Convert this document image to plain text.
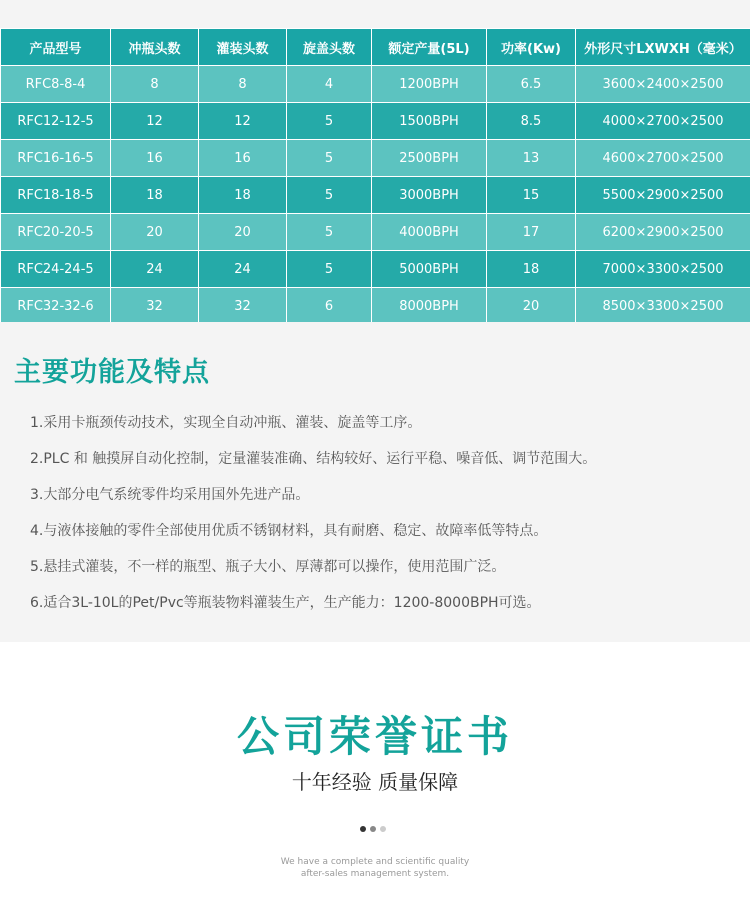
产品型号	冲瓶头数	灌装头数	旋盖头数	额定产量(5L)	功率(Kw)	外形尺寸LXWXH（毫米）
RFC8-8-4	8	8	4	1200BPH	6.5	3600×2400×2500
RFC12-12-5	12	12	5	1500BPH	8.5	4000×2700×2500
RFC16-16-5	16	16	5	2500BPH	13	4600×2700×2500
RFC18-18-5	18	18	5	3000BPH	15	5500×2900×2500
RFC20-20-5	20	20	5	4000BPH	17	6200×2900×2500
RFC24-24-5	24	24	5	5000BPH	18	7000×3300×2500
RFC32-32-6	32	32	6	8000BPH	20	8500×3300×2500
主要功能及特点
1.采用卡瓶颈传动技术，实现全自动冲瓶、灌装、旋盖等工序。
2.PLC 和 触摸屏自动化控制，定量灌装准确、结构较好、运行平稳、噪音低、调节范围大。
3.大部分电气系统零件均采用国外先进产品。
4.与液体接触的零件全部使用优质不锈钢材料，具有耐磨、稳定、故障率低等特点。
5.悬挂式灌装，不一样的瓶型、瓶子大小、厚薄都可以操作，使用范围广泛。
6.适合3L-10L的Pet/Pvc等瓶装物料灌装生产，生产能力：1200-8000BPH可选。
公司荣誉证书
十年经验 质量保障
We have a complete and scientific quality
after-sales management system.
